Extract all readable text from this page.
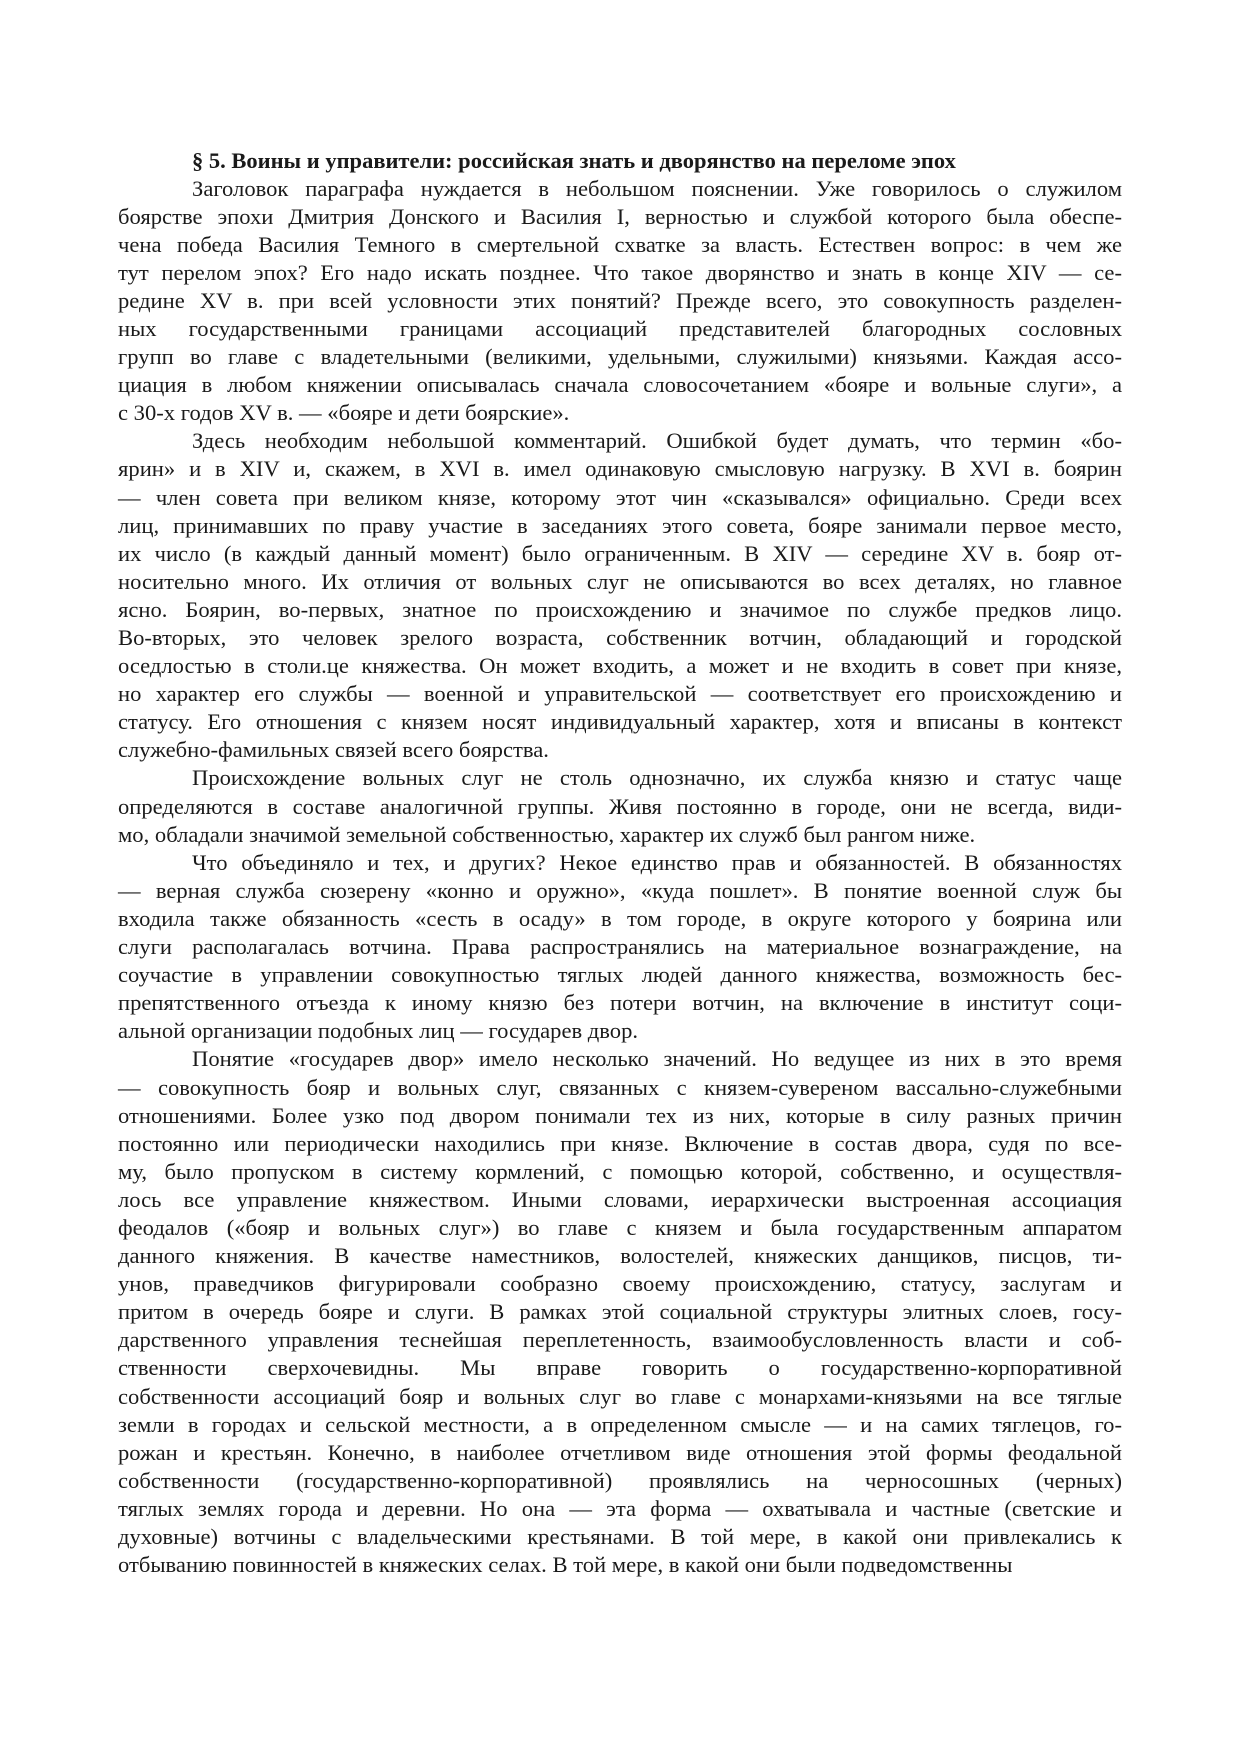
§ 5. Воины и управители: российская знать и дворянство на переломе эпох
Заголовок параграфа нуждается в небольшом пояснении. Уже говорилось о служилом
боярстве эпохи Дмитрия Донского и Василия I, верностью и службой которого была обеспе-
чена победа Василия Темного в смертельной схватке за власть. Естествен вопрос: в чем же
тут перелом эпох? Его надо искать позднее. Что такое дворянство и знать в конце XIV — се-
редине XV в. при всей условности этих понятий? Прежде всего, это совокупность разделен-
ных государственными границами ассоциаций представителей благородных сословных
групп во главе с владетельными (великими, удельными, служилыми) князьями. Каждая ассо-
циация в любом княжении описывалась сначала словосочетанием «бояре и вольные слуги», а
с 30-х годов XV в. — «бояре и дети боярские».
Здесь необходим небольшой комментарий. Ошибкой будет думать, что термин «бо-
ярин» и в XIV и, скажем, в XVI в. имел одинаковую смысловую нагрузку. В XVI в. боярин
— член совета при великом князе, которому этот чин «сказывался» официально. Среди всех
лиц, принимавших по праву участие в заседаниях этого совета, бояре занимали первое место,
их число (в каждый данный момент) было ограниченным. В XIV — середине XV в. бояр от-
носительно много. Их отличия от вольных слуг не описываются во всех деталях, но главное
ясно. Боярин, во-первых, знатное по происхождению и значимое по службе предков лицо.
Во-вторых, это человек зрелого возраста, собственник вотчин, обладающий и городской
оседлостью в столи.це княжества. Он может входить, а может и не входить в совет при князе,
но характер его службы — военной и управительской — соответствует его происхождению и
статусу. Его отношения с князем носят индивидуальный характер, хотя и вписаны в контекст
служебно-фамильных связей всего боярства.
Происхождение вольных слуг не столь однозначно, их служба князю и статус чаще
определяются в составе аналогичной группы. Живя постоянно в городе, они не всегда, види-
мо, обладали значимой земельной собственностью, характер их служб был рангом ниже.
Что объединяло и тех, и других? Некое единство прав и обязанностей. В обязанностях
— верная служба сюзерену «конно и оружно», «куда пошлет». В понятие военной служ бы
входила также обязанность «сесть в осаду» в том городе, в округе которого у боярина или
слуги располагалась вотчина. Права распространялись на материальное вознаграждение, на
соучастие в управлении совокупностью тяглых людей данного княжества, возможность бес-
препятственного отъезда к иному князю без потери вотчин, на включение в институт соци-
альной организации подобных лиц — государев двор.
Понятие «государев двор» имело несколько значений. Но ведущее из них в это время
— совокупность бояр и вольных слуг, связанных с князем-сувереном вассально-служебными
отношениями. Более узко под двором понимали тех из них, которые в силу разных причин
постоянно или периодически находились при князе. Включение в состав двора, судя по все-
му, было пропуском в систему кормлений, с помощью которой, собственно, и осуществля-
лось все управление княжеством. Иными словами, иерархически выстроенная ассоциация
феодалов («бояр и вольных слуг») во главе с князем и была государственным аппаратом
данного княжения. В качестве наместников, волостелей, княжеских данщиков, писцов, ти-
унов, праведчиков фигурировали сообразно своему происхождению, статусу, заслугам и
притом в очередь бояре и слуги. В рамках этой социальной структуры элитных слоев, госу-
дарственного управления теснейшая переплетенность, взаимообусловленность власти и соб-
ственности сверхочевидны. Мы вправе говорить о государственно-корпоративной
собственности ассоциаций бояр и вольных слуг во главе с монархами-князьями на все тяглые
земли в городах и сельской местности, а в определенном смысле — и на самих тяглецов, го-
рожан и крестьян. Конечно, в наиболее отчетливом виде отношения этой формы феодальной
собственности (государственно-корпоративной) проявлялись на черносошных (черных)
тяглых землях города и деревни. Но она — эта форма — охватывала и частные (светские и
духовные) вотчины с владельческими крестьянами. В той мере, в какой они привлекались к
отбыванию повинностей в княжеских селах. В той мере, в какой они были подведомственны
